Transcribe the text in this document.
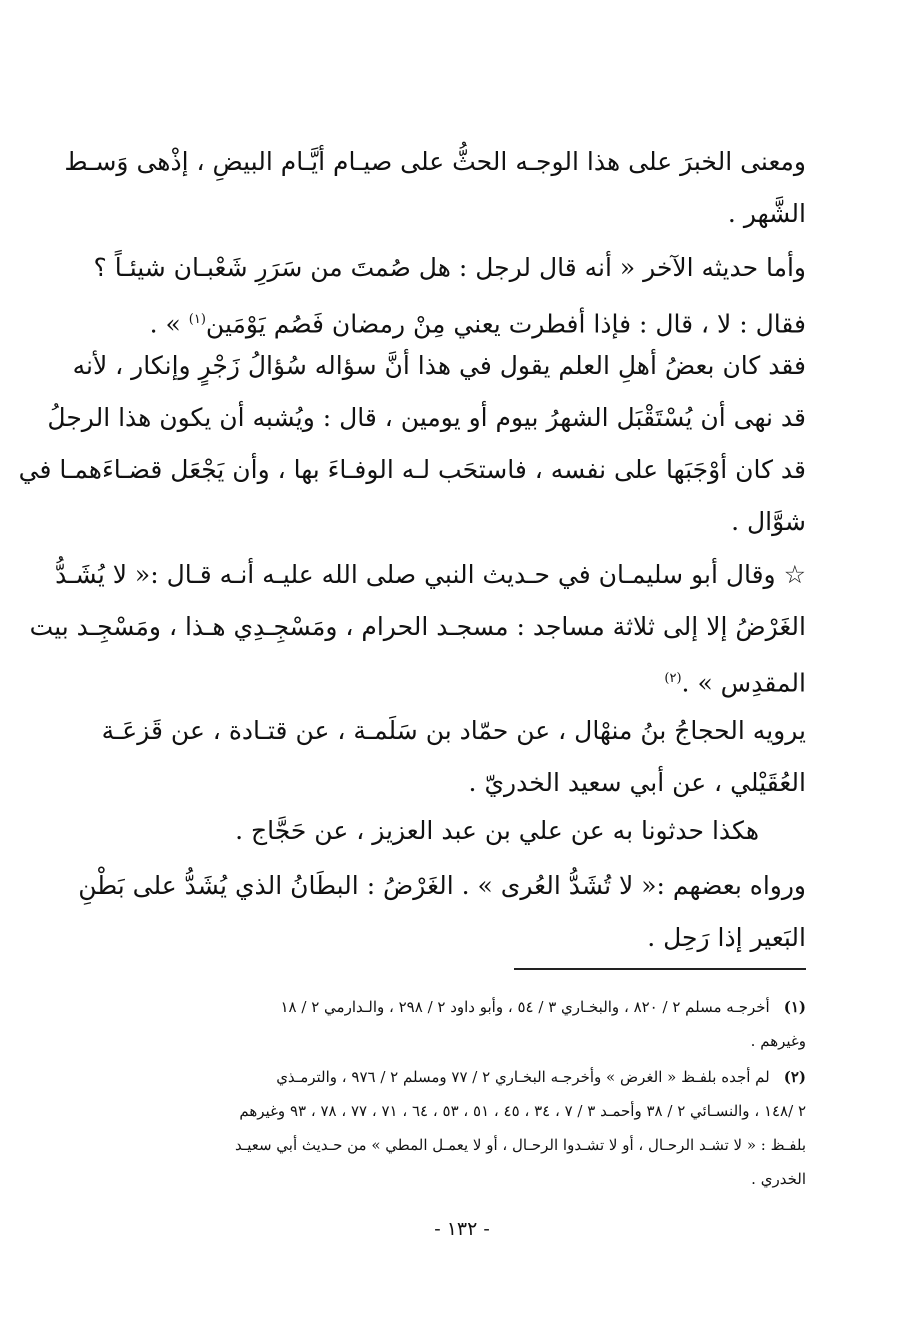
ومعنى الخبرَ على هذا الوجـه الحثُّ على صيـام أيَّـام البيضِ ، إذْهى وَسـط
الشَّهر .
وأما حديثه الآخر « أنه قال لرجل : هل صُمتَ من سَرَرِ شَعْبـان شيئـاً ؟
فقال : لا ، قال : فإذا أفطرت يعني مِنْ رمضان فَصُم يَوْمَين$^{(١)}$ » .
فقد كان بعضُ أهلِ العلم يقول في هذا أنَّ سؤاله سُؤالُ زَجْرٍ وإنكار ، لأنه
قد نهى أن يُسْتَقْبَل الشهرُ بيوم أو يومين ، قال : ويُشبه أن يكون هذا الرجلُ
قد كان أوْجَبَها على نفسه ، فاستحَب لـه الوفـاءَ بها ، وأن يَجْعَل قضـاءَهمـا في
شوَّال .
☆ وقال أبو سليمـان في حـديث النبي صلى الله عليـه أنـه قـال :« لا يُشَـدُّ
الغَرْضُ إلا إلى ثلاثة مساجد : مسجـد الحرام ، ومَسْجِـدِي هـذا ، ومَسْجِـد بيت
المقدِس » .$^{(٢)}$
يرويه الحجاجُ بنُ منهْال ، عن حمّاد بن سَلَمـة ، عن قتـادة ، عن قَزعَـة
العُقَيْلي ، عن أبي سعيد الخدريّ .
هكذا حدثونا به عن علي بن عبد العزيز ، عن حَجَّاج .
ورواه بعضهم :« لا تُشَدُّ العُرى » . الغَرْضُ : البطَانُ الذي يُشَدُّ على بَطْنِ
البَعير إذا رَحِل .
(١)أخرجـه مسلم ٢ / ٨٢٠ ، والبخـاري ٣ / ٥٤ ، وأبو داود ٢ / ٢٩٨ ، والـدارمي ٢ / ١٨
وغيرهم .
(٢)لم أجده بلفـظ « الغرض » وأخرجـه البخـاري ٢ / ٧٧ ومسلم ٢ / ٩٧٦ ، والترمـذي
٢ /١٤٨ ، والنسـائي ٢ / ٣٨ وأحمـد ٣ / ٧ ، ٣٤ ، ٤٥ ، ٥١ ، ٥٣ ، ٦٤ ، ٧١ ، ٧٧ ، ٧٨ ، ٩٣ وغيرهم
بلفـظ : « لا تشـد الرحـال ، أو لا تشـدوا الرحـال ، أو لا يعمـل المطي » من حـديث أبي سعيـد
الخدري .
- ١٣٢ -
